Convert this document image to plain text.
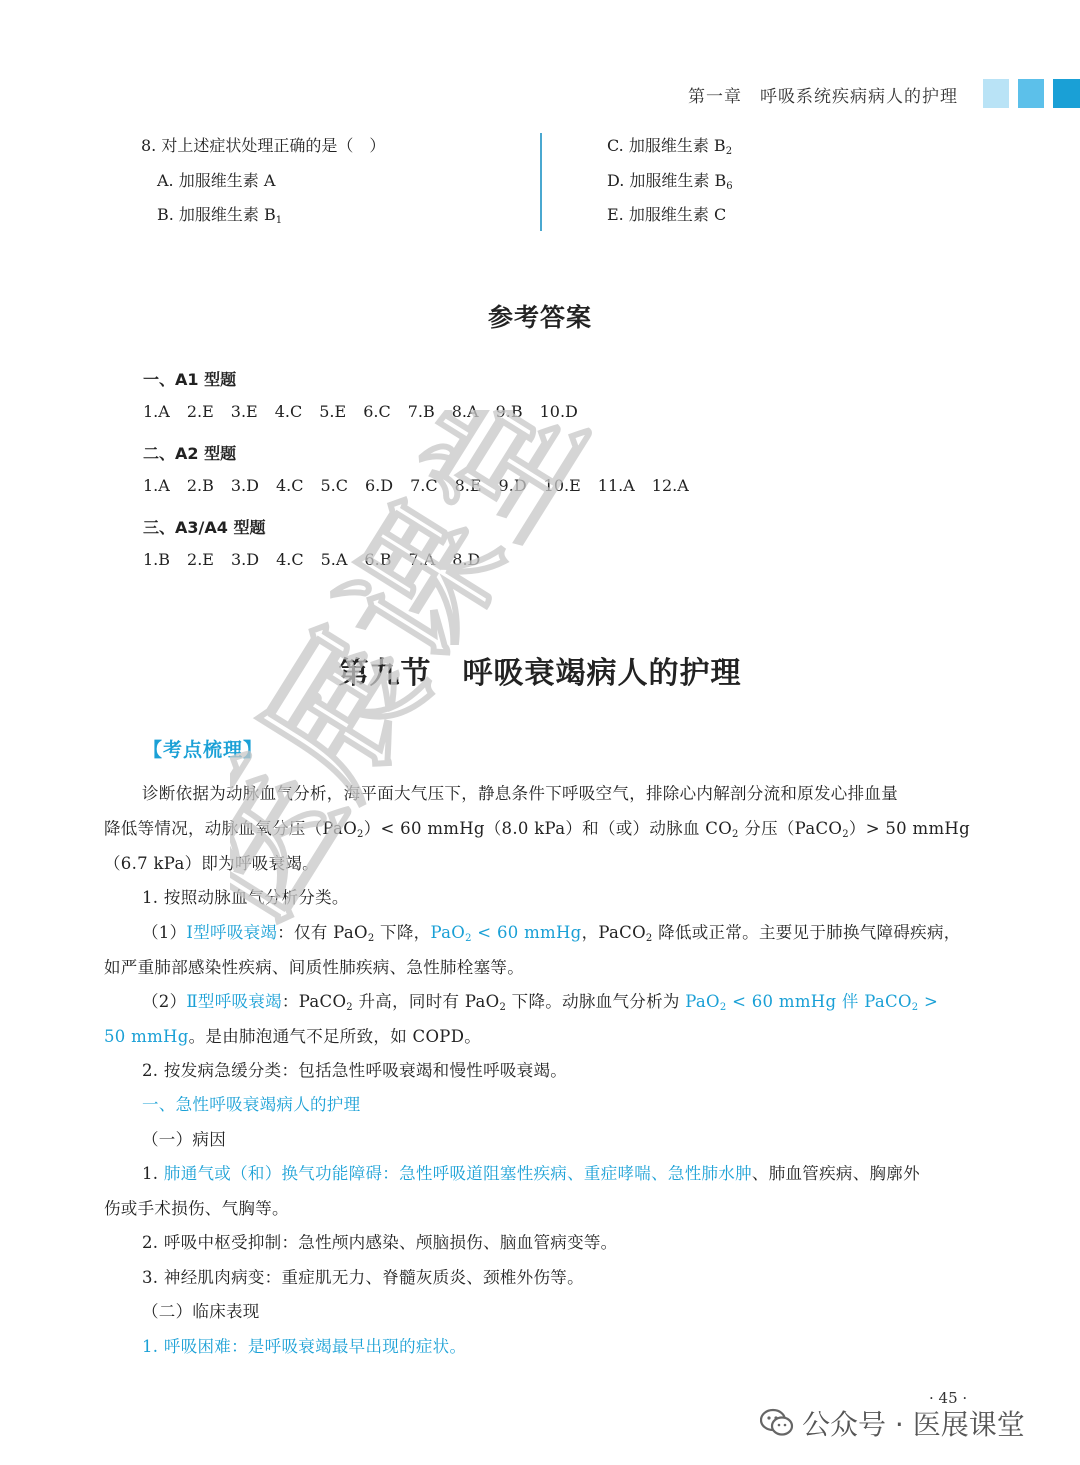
第一章　呼吸系统疾病病人的护理
8. 对上述症状处理正确的是（　）
A. 加服维生素 A
B. 加服维生素 $B_1$
C. 加服维生素 $B_2$
D. 加服维生素 $B_6$
E. 加服维生素 C
参考答案
一、A1 型题
1.A 2.E 3.E 4.C 5.E 6.C 7.B 8.A 9.B 10.D
二、A2 型题
1.A 2.B 3.D 4.C 5.C 6.D 7.C 8.E 9.D 10.E 11.A 12.A
三、A3/A4 型题
1.B 2.E 3.D 4.C 5.A 6.B 7.A 8.D
第九节　呼吸衰竭病人的护理
【考点梳理】
诊断依据为动脉血气分析，海平面大气压下，静息条件下呼吸空气，排除心内解剖分流和原发心排血量
降低等情况，动脉血氧分压（PaO$_2$）< 60 mmHg（8.0 kPa）和（或）动脉血 $CO_2$ 分压（PaCO$_2$）> 50 mmHg
（6.7 kPa）即为呼吸衰竭。
1. 按照动脉血气分析分类。
（1）Ⅰ型呼吸衰竭：仅有 PaO$_2$ 下降，PaO$_2$ < 60 mmHg，PaCO$_2$ 降低或正常。主要见于肺换气障碍疾病，
如严重肺部感染性疾病、间质性肺疾病、急性肺栓塞等。
（2）Ⅱ型呼吸衰竭：PaCO$_2$ 升高，同时有 PaO$_2$ 下降。动脉血气分析为 PaO$_2$ < 60 mmHg 伴 PaCO$_2$ >
50 mmHg。是由肺泡通气不足所致，如 COPD。
2. 按发病急缓分类：包括急性呼吸衰竭和慢性呼吸衰竭。
一、急性呼吸衰竭病人的护理
（一）病因
1. 肺通气或（和）换气功能障碍：急性呼吸道阻塞性疾病、重症哮喘、急性肺水肿、肺血管疾病、胸廓外
伤或手术损伤、气胸等。
2. 呼吸中枢受抑制：急性颅内感染、颅脑损伤、脑血管病变等。
3. 神经肌肉病变：重症肌无力、脊髓灰质炎、颈椎外伤等。
（二）临床表现
1. 呼吸困难：是呼吸衰竭最早出现的症状。
医展课堂
· 45 ·
公众号 · 医展课堂
